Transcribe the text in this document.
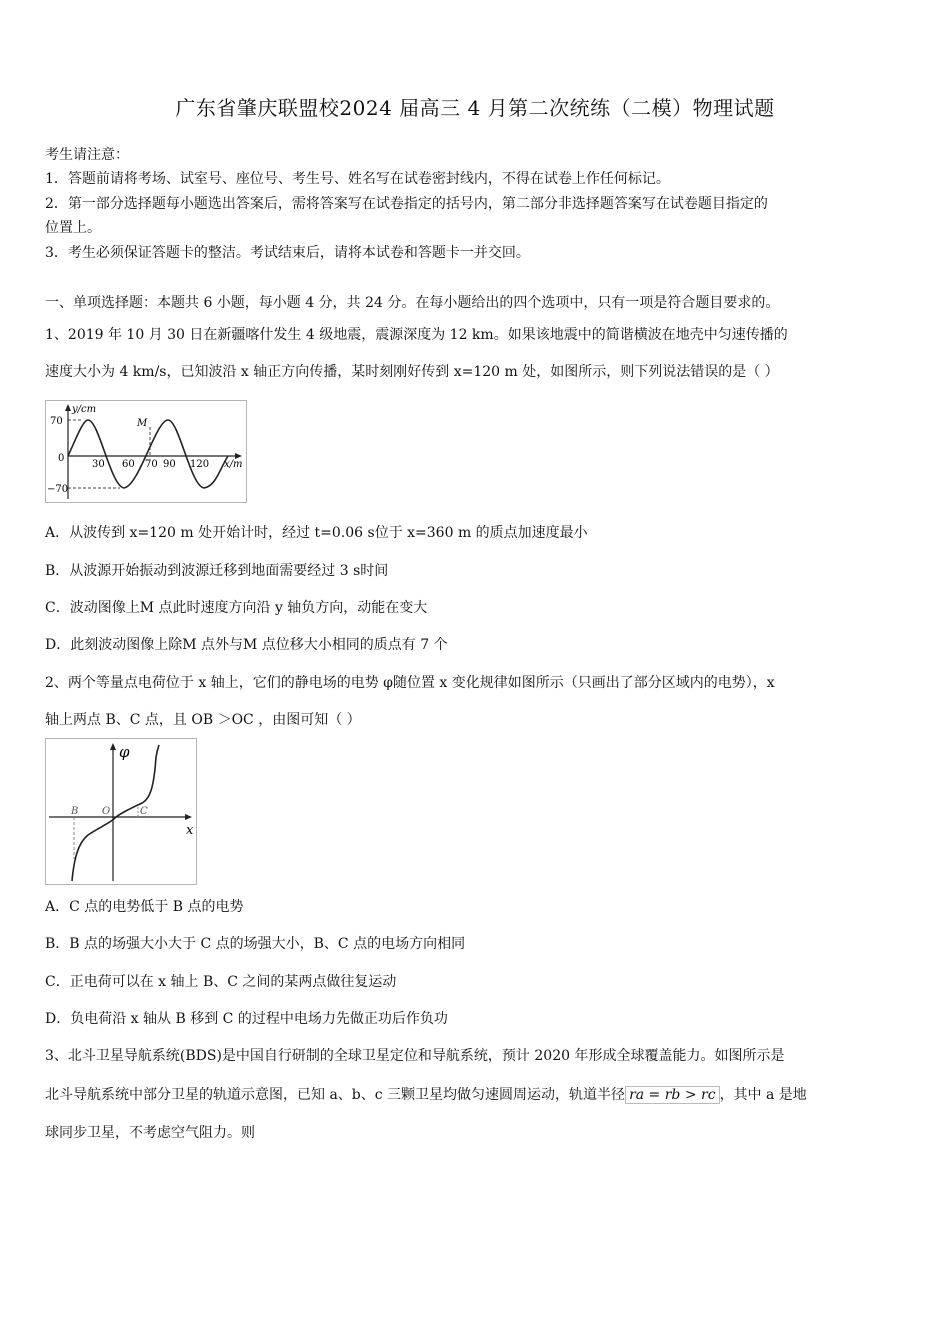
广东省肇庆联盟校2024 届高三 4 月第二次统练（二模）物理试题
考生请注意：
1．答题前请将考场、试室号、座位号、考生号、姓名写在试卷密封线内，不得在试卷上作任何标记。
2．第一部分选择题每小题选出答案后，需将答案写在试卷指定的括号内，第二部分非选择题答案写在试卷题目指定的
位置上。
3．考生必须保证答题卡的整洁。考试结束后，请将本试卷和答题卡一并交回。
一、单项选择题：本题共 6 小题，每小题 4 分，共 24 分。在每小题给出的四个选项中，只有一项是符合题目要求的。
1、2019 年 10 月 30 日在新疆喀什发生 4 级地震，震源深度为 12 km。如果该地震中的简谐横波在地壳中匀速传播的
速度大小为 4 km/s，已知波沿 x 轴正方向传播，某时刻刚好传到 x=120 m 处，如图所示，则下列说法错误的是（ ）
y/cm
70
0
−70
30 60 70 90 120 x/m
M
A．从波传到 x=120 m 处开始计时，经过 t=0.06 s位于 x=360 m 的质点加速度最小
B．从波源开始振动到波源迁移到地面需要经过 3 s时间
C．波动图像上M 点此时速度方向沿 y 轴负方向，动能在变大
D．此刻波动图像上除M 点外与M 点位移大小相同的质点有 7 个
2、两个等量点电荷位于 x 轴上，它们的静电场的电势 φ随位置 x 变化规律如图所示（只画出了部分区域内的电势），x
轴上两点 B、C 点，且 OB ＞OC ，由图可知（ ）
φ
x
B O	C
A．C 点的电势低于 B 点的电势
B．B 点的场强大小大于 C 点的场强大小，B、C 点的电场方向相同
C．正电荷可以在 x 轴上 B、C 之间的某两点做往复运动
D．负电荷沿 x 轴从 B 移到 C 的过程中电场力先做正功后作负功
3、北斗卫星导航系统(BDS)是中国自行研制的全球卫星定位和导航系统，预计 2020 年形成全球覆盖能力。如图所示是
北斗导航系统中部分卫星的轨道示意图，已知 a、b、c 三颗卫星均做匀速圆周运动，轨道半径 ra = rb > rc ，其中 a 是地
球同步卫星，不考虑空气阻力。则
